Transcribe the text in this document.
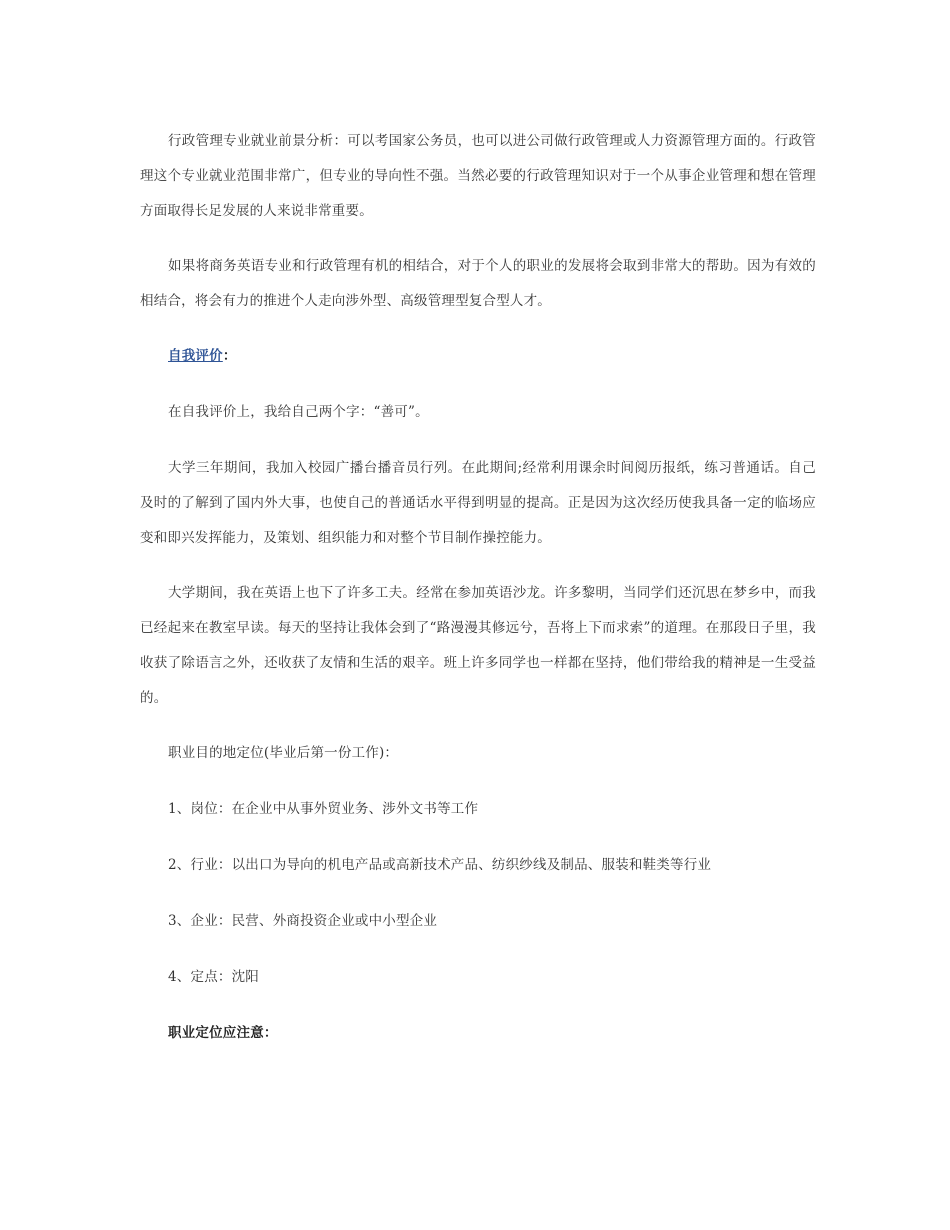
行政管理专业就业前景分析：可以考国家公务员，也可以进公司做行政管理或人力资源管理方面的。行政管理这个专业就业范围非常广，但专业的导向性不强。当然必要的行政管理知识对于一个从事企业管理和想在管理方面取得长足发展的人来说非常重要。

如果将商务英语专业和行政管理有机的相结合，对于个人的职业的发展将会取到非常大的帮助。因为有效的相结合，将会有力的推进个人走向涉外型、高级管理型复合型人才。

自我评价：

在自我评价上，我给自己两个字：“善可”。

大学三年期间，我加入校园广播台播音员行列。在此期间;经常利用课余时间阅历报纸，练习普通话。自己及时的了解到了国内外大事，也使自己的普通话水平得到明显的提高。正是因为这次经历使我具备一定的临场应变和即兴发挥能力，及策划、组织能力和对整个节目制作操控能力。

大学期间，我在英语上也下了许多工夫。经常在参加英语沙龙。许多黎明，当同学们还沉思在梦乡中，而我已经起来在教室早读。每天的坚持让我体会到了“路漫漫其修远兮，吾将上下而求索”的道理。在那段日子里，我收获了除语言之外，还收获了友情和生活的艰辛。班上许多同学也一样都在坚持，他们带给我的精神是一生受益的。

职业目的地定位(毕业后第一份工作)：

1、岗位：在企业中从事外贸业务、涉外文书等工作

2、行业：以出口为导向的机电产品或高新技术产品、纺织纱线及制品、服装和鞋类等行业

3、企业：民营、外商投资企业或中小型企业

4、定点：沈阳

职业定位应注意：
